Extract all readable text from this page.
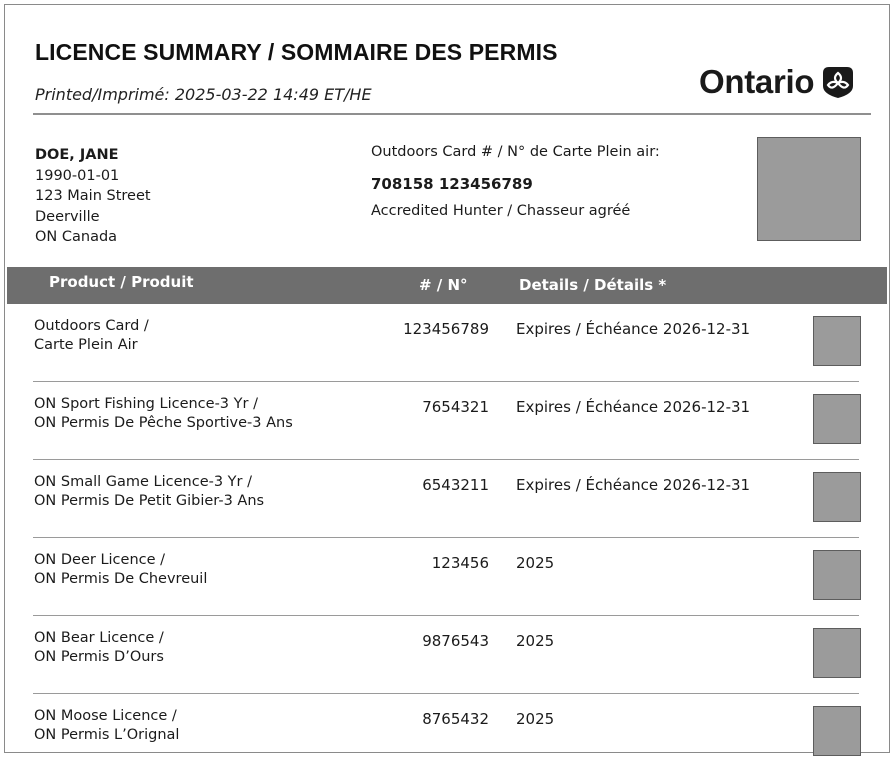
LICENCE SUMMARY / SOMMAIRE DES PERMIS
Printed/Imprimé: 2025-03-22 14:49 ET/HE	Ontario
DOE, JANE
1990-01-01
123 Main Street
Deerville
ON Canada
Outdoors Card # / N° de Carte Plein air:
708158 123456789
Accredited Hunter / Chasseur agréé
Product / Produit	# / N°	Details / Détails *
Outdoors Card /
Carte Plein Air
123456789 Expires / Échéance 2026-12-31
ON Sport Fishing Licence-3 Yr /
ON Permis De Pêche Sportive-3 Ans
7654321 Expires / Échéance 2026-12-31
ON Small Game Licence-3 Yr /
ON Permis De Petit Gibier-3 Ans
6543211 Expires / Échéance 2026-12-31
ON Deer Licence /
ON Permis De Chevreuil
123456 2025
ON Bear Licence /
ON Permis D’Ours
9876543 2025
ON Moose Licence /
ON Permis L’Orignal
8765432 2025
